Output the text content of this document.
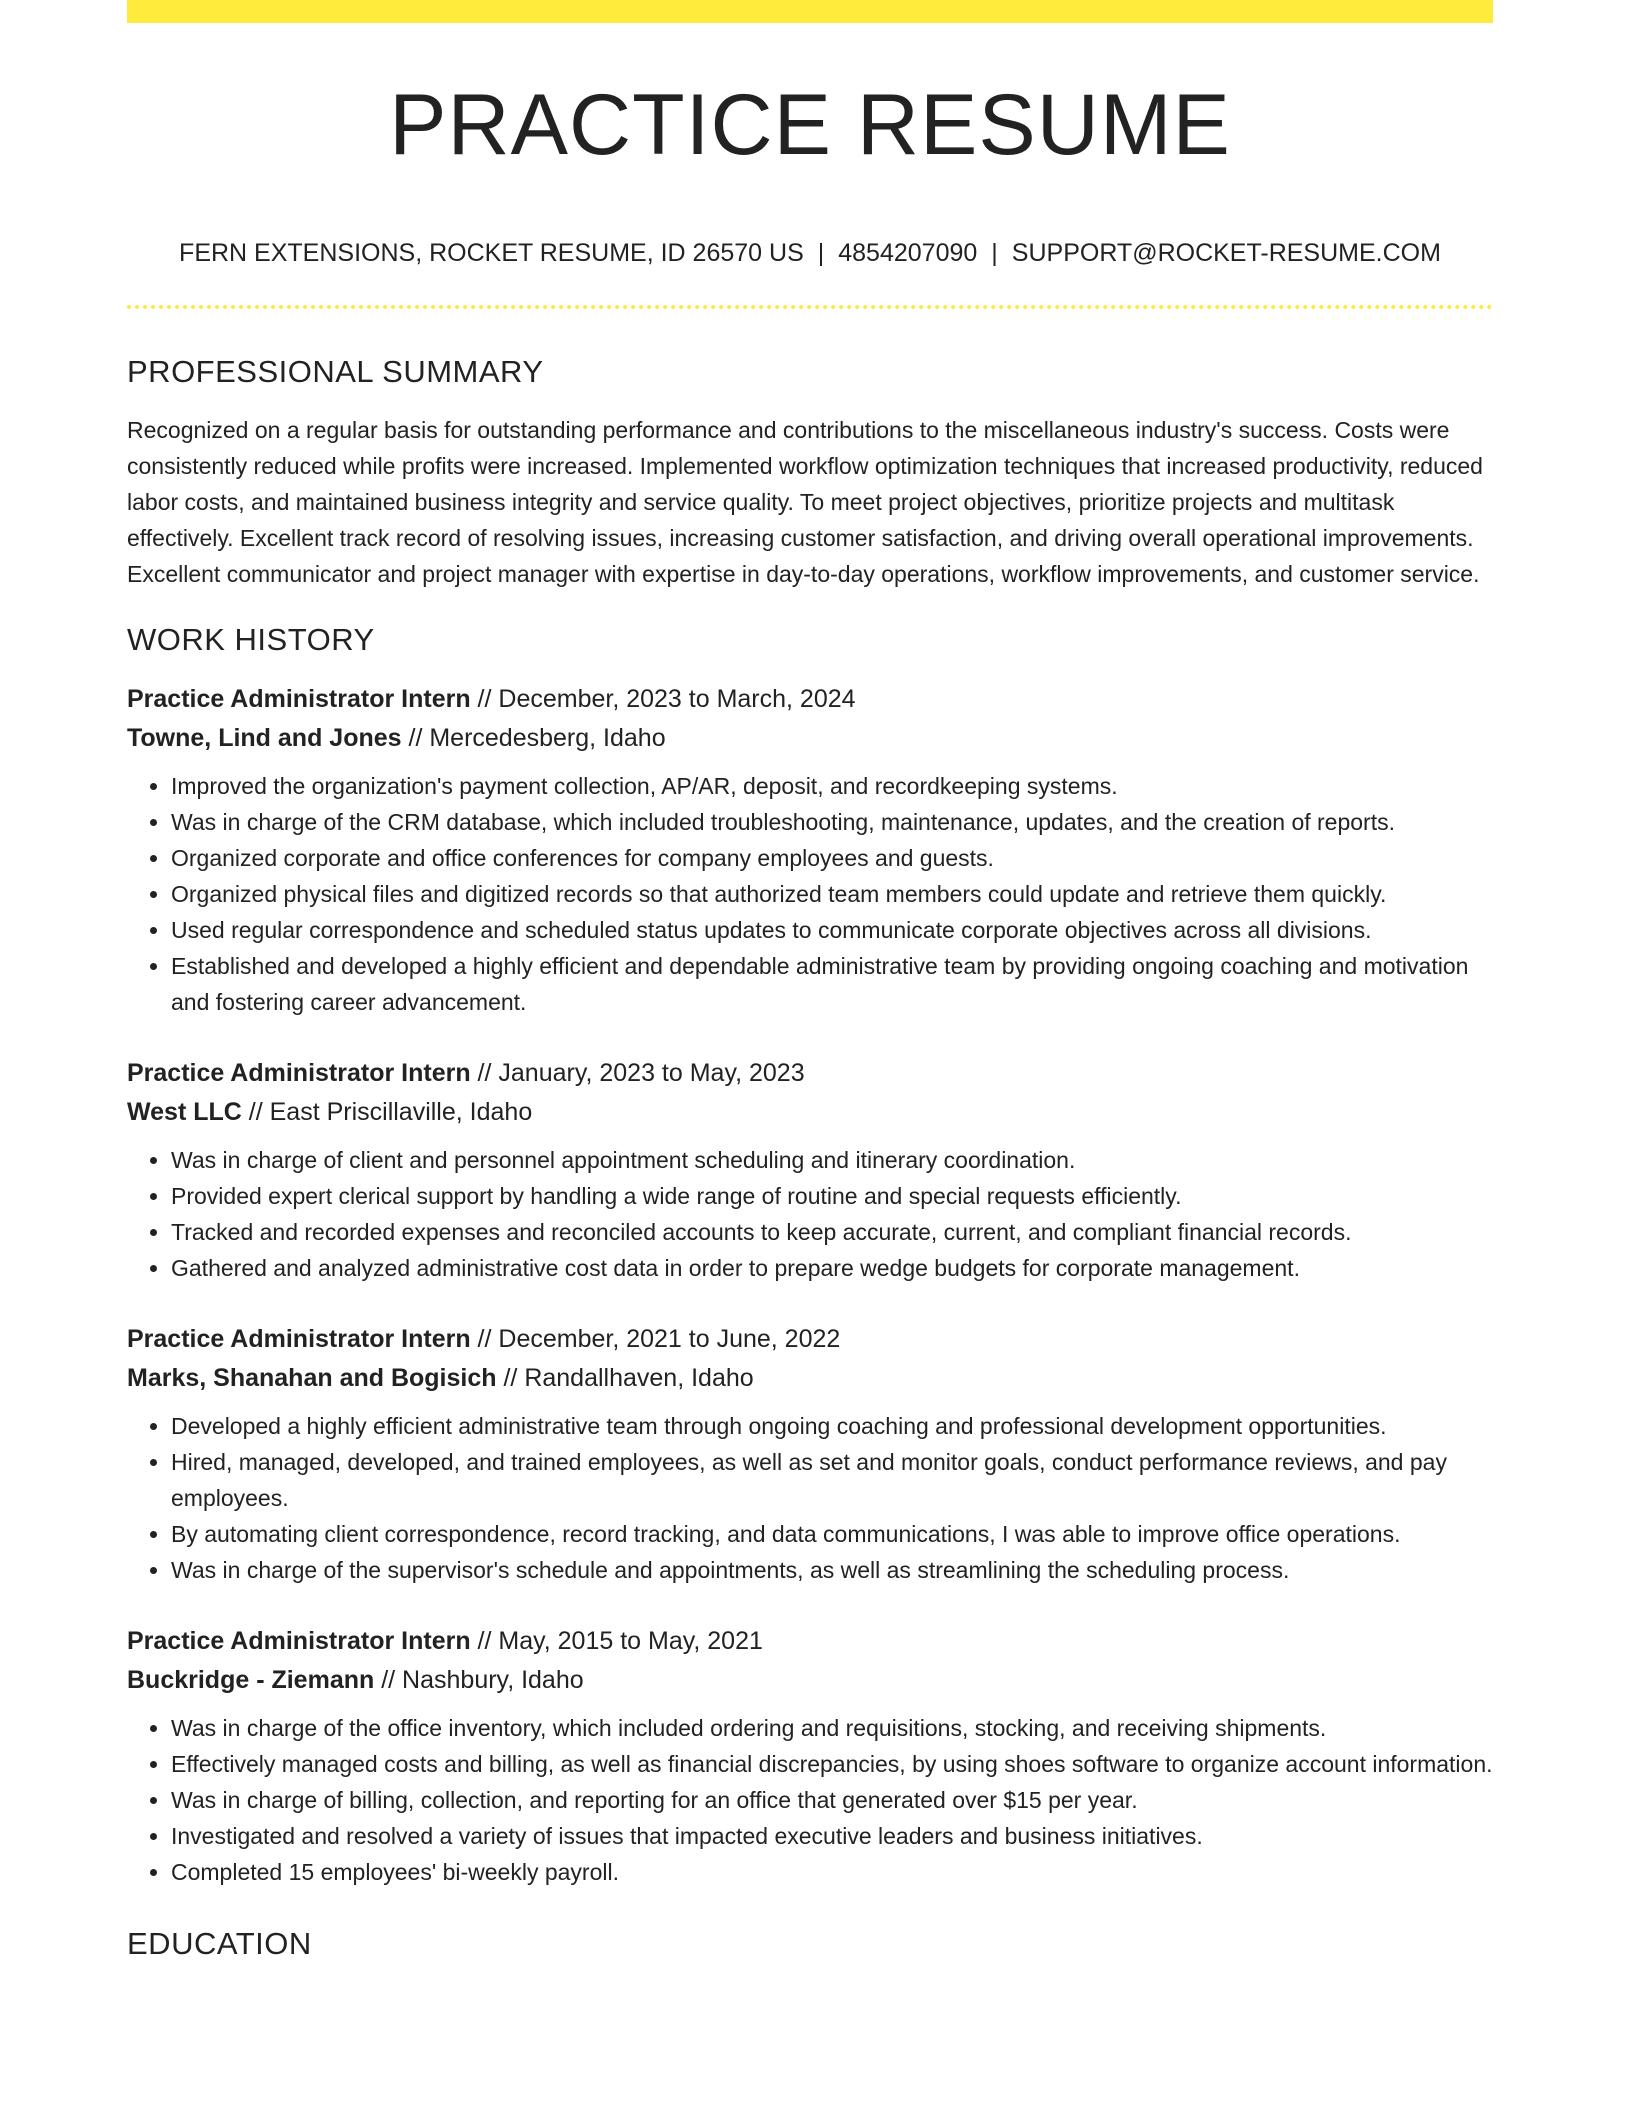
PRACTICE RESUME
FERN EXTENSIONS, ROCKET RESUME, ID 26570 US | 4854207090 | SUPPORT@ROCKET-RESUME.COM
PROFESSIONAL SUMMARY

Recognized on a regular basis for outstanding performance and contributions to the miscellaneous industry's success. Costs were consistently reduced while profits were increased. Implemented workflow optimization techniques that increased productivity, reduced labor costs, and maintained business integrity and service quality. To meet project objectives, prioritize projects and multitask effectively. Excellent track record of resolving issues, increasing customer satisfaction, and driving overall operational improvements. Excellent communicator and project manager with expertise in day-to-day operations, workflow improvements, and customer service.

WORK HISTORY
Practice Administrator Intern // December, 2023 to March, 2024
Towne, Lind and Jones // Mercedesberg, Idaho
• Improved the organization's payment collection, AP/AR, deposit, and recordkeeping systems.
• Was in charge of the CRM database, which included troubleshooting, maintenance, updates, and the creation of reports.
• Organized corporate and office conferences for company employees and guests.
• Organized physical files and digitized records so that authorized team members could update and retrieve them quickly.
• Used regular correspondence and scheduled status updates to communicate corporate objectives across all divisions.
• Established and developed a highly efficient and dependable administrative team by providing ongoing coaching and motivation and fostering career advancement.
Practice Administrator Intern // January, 2023 to May, 2023
West LLC // East Priscillaville, Idaho
• Was in charge of client and personnel appointment scheduling and itinerary coordination.
• Provided expert clerical support by handling a wide range of routine and special requests efficiently.
• Tracked and recorded expenses and reconciled accounts to keep accurate, current, and compliant financial records.
• Gathered and analyzed administrative cost data in order to prepare wedge budgets for corporate management.
Practice Administrator Intern // December, 2021 to June, 2022
Marks, Shanahan and Bogisich // Randallhaven, Idaho
• Developed a highly efficient administrative team through ongoing coaching and professional development opportunities.
• Hired, managed, developed, and trained employees, as well as set and monitor goals, conduct performance reviews, and pay employees.
• By automating client correspondence, record tracking, and data communications, I was able to improve office operations.
• Was in charge of the supervisor's schedule and appointments, as well as streamlining the scheduling process.
Practice Administrator Intern // May, 2015 to May, 2021
Buckridge - Ziemann // Nashbury, Idaho
• Was in charge of the office inventory, which included ordering and requisitions, stocking, and receiving shipments.
• Effectively managed costs and billing, as well as financial discrepancies, by using shoes software to organize account information.
• Was in charge of billing, collection, and reporting for an office that generated over $15 per year.
• Investigated and resolved a variety of issues that impacted executive leaders and business initiatives.
• Completed 15 employees' bi-weekly payroll.
EDUCATION
